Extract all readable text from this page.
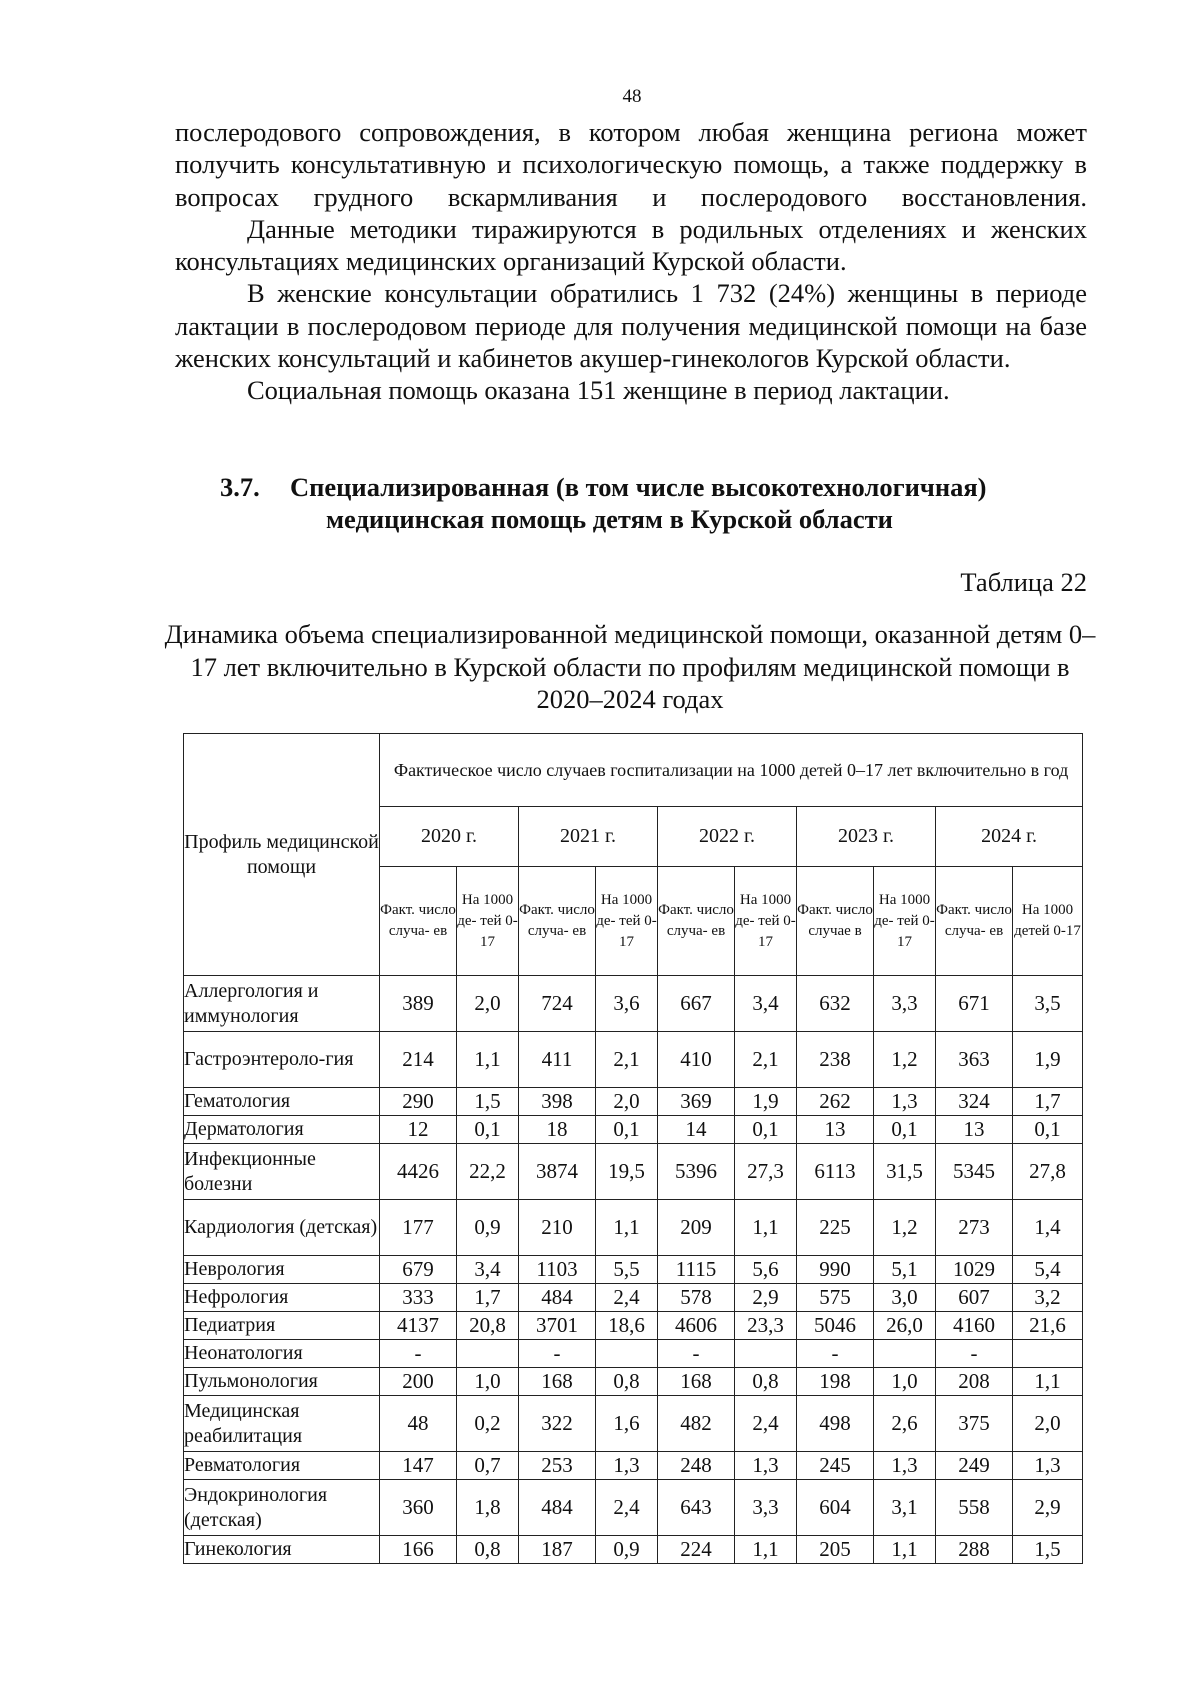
48

послеродового сопровождения, в котором любая женщина региона может получить консультативную и психологическую помощь, а также поддержку в вопросах грудного вскармливания и послеродового восстановления.

Данные методики тиражируются в родильных отделениях и женских консультациях медицинских организаций Курской области.

В женские консультации обратились 1 732 (24%) женщины в периоде лактации в послеродовом периоде для получения медицинской помощи на базе женских консультаций и кабинетов акушер-гинекологов Курской области.

Социальная помощь оказана 151 женщине в период лактации.

3.7. Специализированная (в том числе высокотехнологичная)
медицинская помощь детям в Курской области
Таблица 22
Динамика объема специализированной медицинской помощи, оказанной детям 0–17 лет включительно в Курской области по профилям медицинской помощи в 2020–2024 годах
Профиль медицинской помощи	Фактическое число случаев госпитализации на 1000 детей 0–17 лет включительно в год									
	2020 г.		2021 г.		2022 г.		2023 г.		2024 г.	
	Факт. число случа- ев	На 1000 де- тей 0-17	Факт. число случа- ев	На 1000 де- тей 0-17	Факт. число случа- ев	На 1000 де- тей 0-17	Факт. число случае в	На 1000 де- тей 0-17	Факт. число случа- ев	На 1000 детей 0-17
Аллергология и иммунология	389	2,0	724	3,6	667	3,4	632	3,3	671	3,5
Гастроэнтероло-гия	214	1,1	411	2,1	410	2,1	238	1,2	363	1,9
Гематология	290	1,5	398	2,0	369	1,9	262	1,3	324	1,7
Дерматология	12	0,1	18	0,1	14	0,1	13	0,1	13	0,1
Инфекционные болезни	4426	22,2	3874	19,5	5396	27,3	6113	31,5	5345	27,8
Кардиология (детская)	177	0,9	210	1,1	209	1,1	225	1,2	273	1,4
Неврология	679	3,4	1103	5,5	1115	5,6	990	5,1	1029	5,4
Нефрология	333	1,7	484	2,4	578	2,9	575	3,0	607	3,2
Педиатрия	4137	20,8	3701	18,6	4606	23,3	5046	26,0	4160	21,6
Неонатология	-		-		-		-		-	
Пульмонология	200	1,0	168	0,8	168	0,8	198	1,0	208	1,1
Медицинская реабилитация	48	0,2	322	1,6	482	2,4	498	2,6	375	2,0
Ревматология	147	0,7	253	1,3	248	1,3	245	1,3	249	1,3
Эндокринология (детская)	360	1,8	484	2,4	643	3,3	604	3,1	558	2,9
Гинекология	166	0,8	187	0,9	224	1,1	205	1,1	288	1,5
